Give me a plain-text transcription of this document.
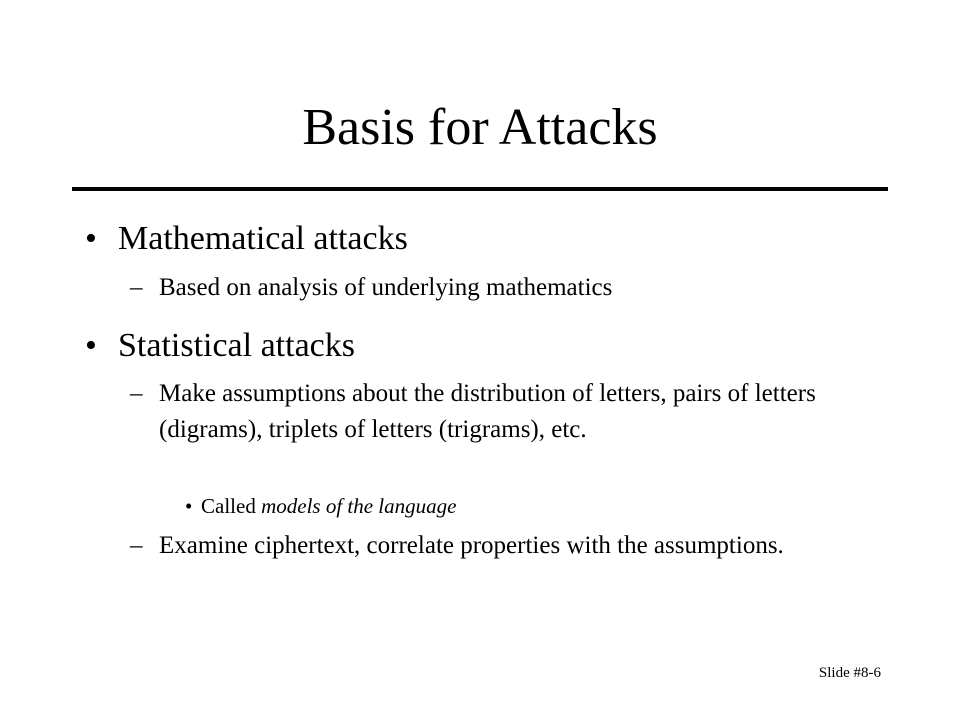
Basis for Attacks
• Mathematical attacks
– Based on analysis of underlying mathematics
• Statistical attacks
– Make assumptions about the distribution of letters, pairs of letters (digrams), triplets of letters (trigrams), etc.
• Called models of the language
– Examine ciphertext, correlate properties with the assumptions.
Slide #8-6
